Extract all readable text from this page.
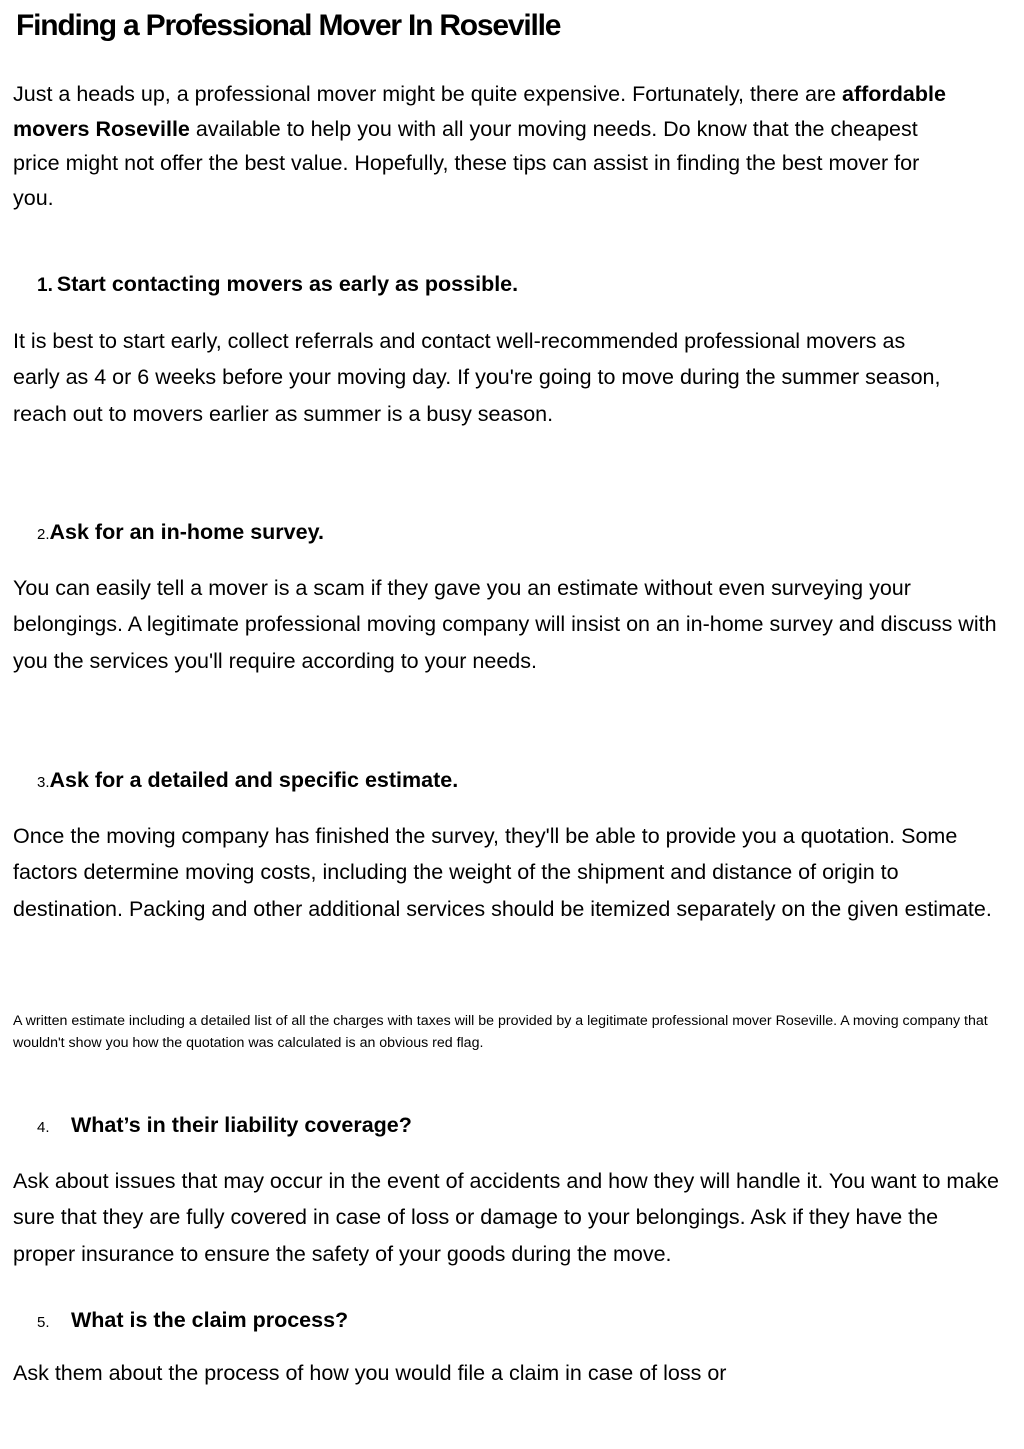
Finding a Professional Mover In Roseville

Just a heads up, a professional mover might be quite expensive. Fortunately, there are affordable movers Roseville available to help you with all your moving needs. Do know that the cheapest price might not offer the best value. Hopefully, these tips can assist in finding the best mover for you.

1. Start contacting movers as early as possible.

It is best to start early, collect referrals and contact well-recommended professional movers as early as 4 or 6 weeks before your moving day. If you're going to move during the summer season, reach out to movers earlier as summer is a busy season.

2.Ask for an in-home survey.

You can easily tell a mover is a scam if they gave you an estimate without even surveying your belongings. A legitimate professional moving company will insist on an in-home survey and discuss with you the services you'll require according to your needs.

3.Ask for a detailed and specific estimate.

Once the moving company has finished the survey, they'll be able to provide you a quotation. Some factors determine moving costs, including the weight of the shipment and distance of origin to destination. Packing and other additional services should be itemized separately on the given estimate.

A written estimate including a detailed list of all the charges with taxes will be provided by a legitimate professional mover Roseville. A moving company that wouldn't show you how the quotation was calculated is an obvious red flag.

4. What’s in their liability coverage?

Ask about issues that may occur in the event of accidents and how they will handle it. You want to make sure that they are fully covered in case of loss or damage to your belongings. Ask if they have the proper insurance to ensure the safety of your goods during the move.

5. What is the claim process?

Ask them about the process of how you would file a claim in case of loss or
